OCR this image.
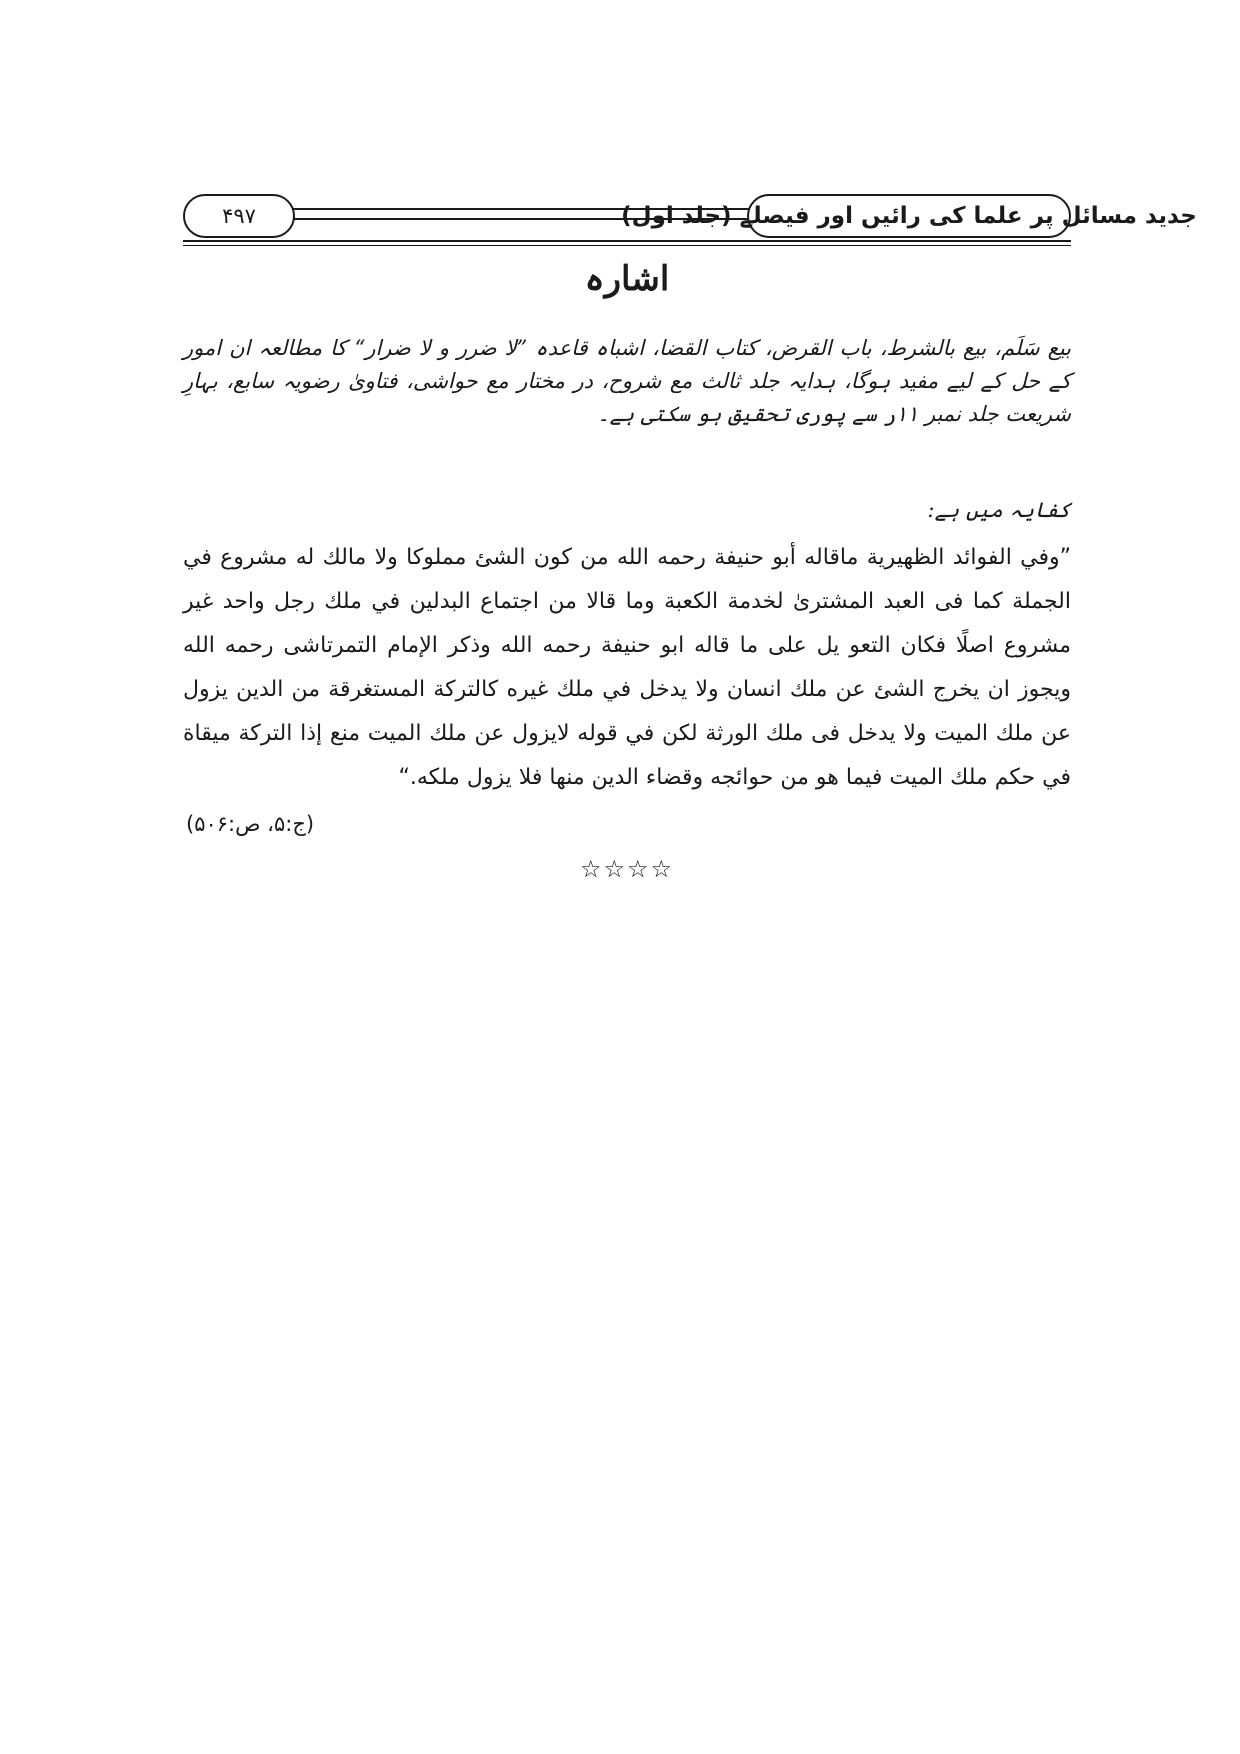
جدید مسائل پر علما کی رائیں اور فیصلے (جلد اول)
۴۹۷
اشارہ
بیع سَلَم، بیع بالشرط، باب القرض، کتاب القضا، اشباہ قاعدہ ”لا ضرر و لا ضرار“ کا مطالعہ ان امور کے حل کے لیے مفید ہوگا، ہدایہ جلد ثالث مع شروح، در مختار مع حواشی، فتاویٰ رضویہ سابع، بہارِ شریعت جلد نمبر ۱۱ر سے پوری تحقیق ہو سکتی ہے۔
کفایہ میں ہے:
”وفي الفوائد الظهيرية ماقاله أبو حنيفة رحمه الله من كون الشئ مملوكا ولا مالك له مشروع في الجملة كما فى العبد المشترىٰ لخدمة الكعبة وما قالا من اجتماع البدلين في ملك رجل واحد غير مشروع اصلًا فكان التعو يل على ما قاله ابو حنيفة رحمه الله وذكر الإمام التمرتاشى رحمه الله ويجوز ان يخرج الشئ عن ملك انسان ولا يدخل في ملك غيره كالتركة المستغرقة من الدين يزول عن ملك الميت ولا يدخل فى ملك الورثة لكن في قوله لايزول عن ملك الميت منع إذا التركة ميقاة في حكم ملك الميت فيما هو من حوائجه وقضاء الدين منها فلا يزول ملكه.“
(ج:۵، ص:۵۰۶)
☆☆☆☆
